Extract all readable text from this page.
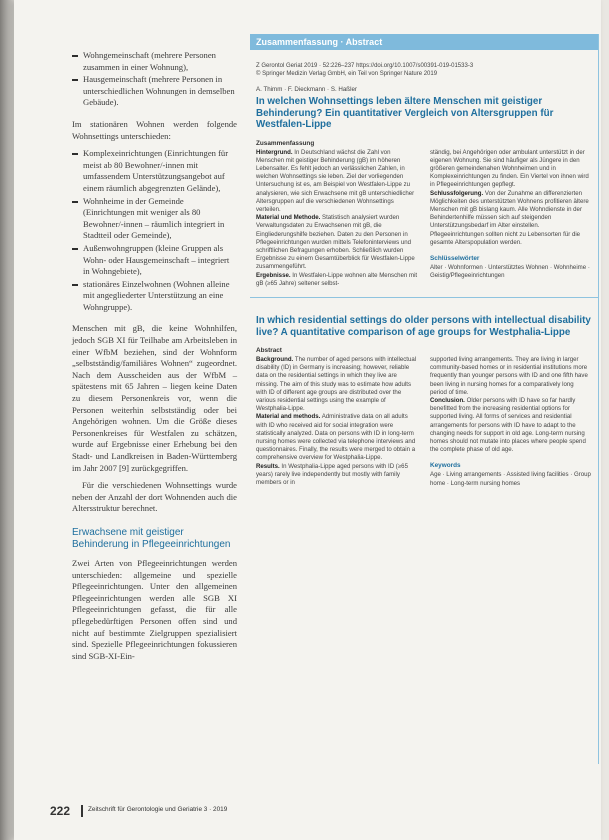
Wohngemeinschaft (mehrere Personen zusammen in einer Wohnung),
Hausgemeinschaft (mehrere Personen in unterschiedlichen Wohnungen in demselben Gebäude).

Im stationären Wohnen werden folgende Wohnsettings unterschieden:

Komplexeinrichtungen (Einrichtungen für meist ab 80 Bewohner/-innen mit umfassendem Unterstützungsangebot auf einem räumlich abgegrenzten Gelände),
Wohnheime in der Gemeinde (Einrichtungen mit weniger als 80 Bewohner/-innen – räumlich integriert in Stadtteil oder Gemeinde),
Außenwohngruppen (kleine Gruppen als Wohn- oder Hausgemeinschaft – integriert in Wohngebiete),
stationäres Einzelwohnen (Wohnen alleine mit angegliederter Unterstützung an eine Wohngruppe).

Menschen mit gB, die keine Wohnhilfen, jedoch SGB XI für Teilhabe am Arbeitsleben in einer WfbM beziehen, sind der Wohnform „selbstständig/familiäres Wohnen“ zugeordnet. Nach dem Ausscheiden aus der WfbM – spätestens mit 65 Jahren – liegen keine Daten zu diesem Personenkreis vor, wenn die Personen weiterhin selbstständig oder bei Angehörigen wohnen. Um die Größe dieses Personenkreises für Westfalen zu schätzen, wurde auf Ergebnisse einer Erhebung bei den Stadt- und Landkreisen in Baden-Württemberg im Jahr 2007 [9] zurückgegriffen.

Für die verschiedenen Wohnsettings wurde neben der Anzahl der dort Wohnenden auch die Altersstruktur berechnet.

Erwachsene mit geistiger Behinderung in Pflegeeinrichtungen

Zwei Arten von Pflegeeinrichtungen werden unterschieden: allgemeine und spezielle Pflegeeinrichtungen. Unter den allgemeinen Pflegeeinrichtungen werden alle SGB XI Pflegeeinrichtungen gefasst, die für alle pflegebedürftigen Personen offen sind und nicht auf bestimmte Zielgruppen spezialisiert sind. Spezielle Pflegeeinrichtungen fokussieren sind SGB-XI-Ein-

Zusammenfassung · Abstract
Z Gerontol Geriat 2019 · 52:226–237 https://doi.org/10.1007/s00391-019-01533-3
© Springer Medizin Verlag GmbH, ein Teil von Springer Nature 2019
A. Thimm · F. Dieckmann · S. Haßler
In welchen Wohnsettings leben ältere Menschen mit geistiger Behinderung? Ein quantitativer Vergleich von Altersgruppen für Westfalen-Lippe
Zusammenfassung

Hintergrund. In Deutschland wächst die Zahl von Menschen mit geistiger Behinderung (gB) im höheren Lebensalter. Es fehlt jedoch an verlässlichen Zahlen, in welchen Wohnsettings sie leben. Ziel der vorliegenden Untersuchung ist es, am Beispiel von Westfalen-Lippe zu analysieren, wie sich Erwachsene mit gB unterschiedlicher Altersgruppen auf die verschiedenen Wohnsettings verteilen.

Material und Methode. Statistisch analysiert wurden Verwaltungsdaten zu Erwachsenen mit gB, die Eingliederungshilfe beziehen. Daten zu den Personen in Pflegeeinrichtungen wurden mittels Telefoninterviews und schriftlichen Befragungen erhoben. Schließlich wurden Ergebnisse zu einem Gesamtüberblick für Westfalen-Lippe zusammengeführt.

Ergebnisse. In Westfalen-Lippe wohnen alte Menschen mit gB (≥65 Jahre) seltener selbst-

ständig, bei Angehörigen oder ambulant unterstützt in der eigenen Wohnung. Sie sind häufiger als Jüngere in den größeren gemeindenahen Wohnheimen und in Komplexeinrichtungen zu finden. Ein Viertel von ihnen wird in Pflegeeinrichtungen gepflegt.

Schlussfolgerung. Von der Zunahme an differenzierten Möglichkeiten des unterstützten Wohnens profitieren ältere Menschen mit gB bislang kaum. Alle Wohndienste in der Behindertenhilfe müssen sich auf steigenden Unterstützungsbedarf im Alter einstellen. Pflegeeinrichtungen sollten nicht zu Lebensorten für die gesamte Alterspopulation werden.

Schlüsselwörter

Alter · Wohnformen · Unterstütztes Wohnen · Wohnheime · Geistig/Pflegeeinrichtungen

In which residential settings do older persons with intellectual disability live? A quantitative comparison of age groups for Westphalia-Lippe
Abstract

Background. The number of aged persons with intellectual disability (ID) in Germany is increasing; however, reliable data on the residential settings in which they live are missing. The aim of this study was to estimate how adults with ID of different age groups are distributed over the various residential settings using the example of Westphalia-Lippe.

Material and methods. Administrative data on all adults with ID who received aid for social integration were statistically analyzed. Data on persons with ID in long-term nursing homes were collected via telephone interviews and questionnaires. Finally, the results were merged to obtain a comprehensive overview for Westphalia-Lippe.

Results. In Westphalia-Lippe aged persons with ID (≥65 years) rarely live independently but mostly with family members or in

supported living arrangements. They are living in larger community-based homes or in residential institutions more frequently than younger persons with ID and one fifth have been living in nursing homes for a comparatively long period of time.

Conclusion. Older persons with ID have so far hardly benefitted from the increasing residential options for supported living. All forms of services and residential arrangements for persons with ID have to adapt to the changing needs for support in old age. Long-term nursing homes should not mutate into places where people spend the complete phase of old age.

Keywords

Age · Living arrangements · Assisted living facilities · Group home · Long-term nursing homes

222	Zeitschrift für Gerontologie und Geriatrie 3 · 2019
